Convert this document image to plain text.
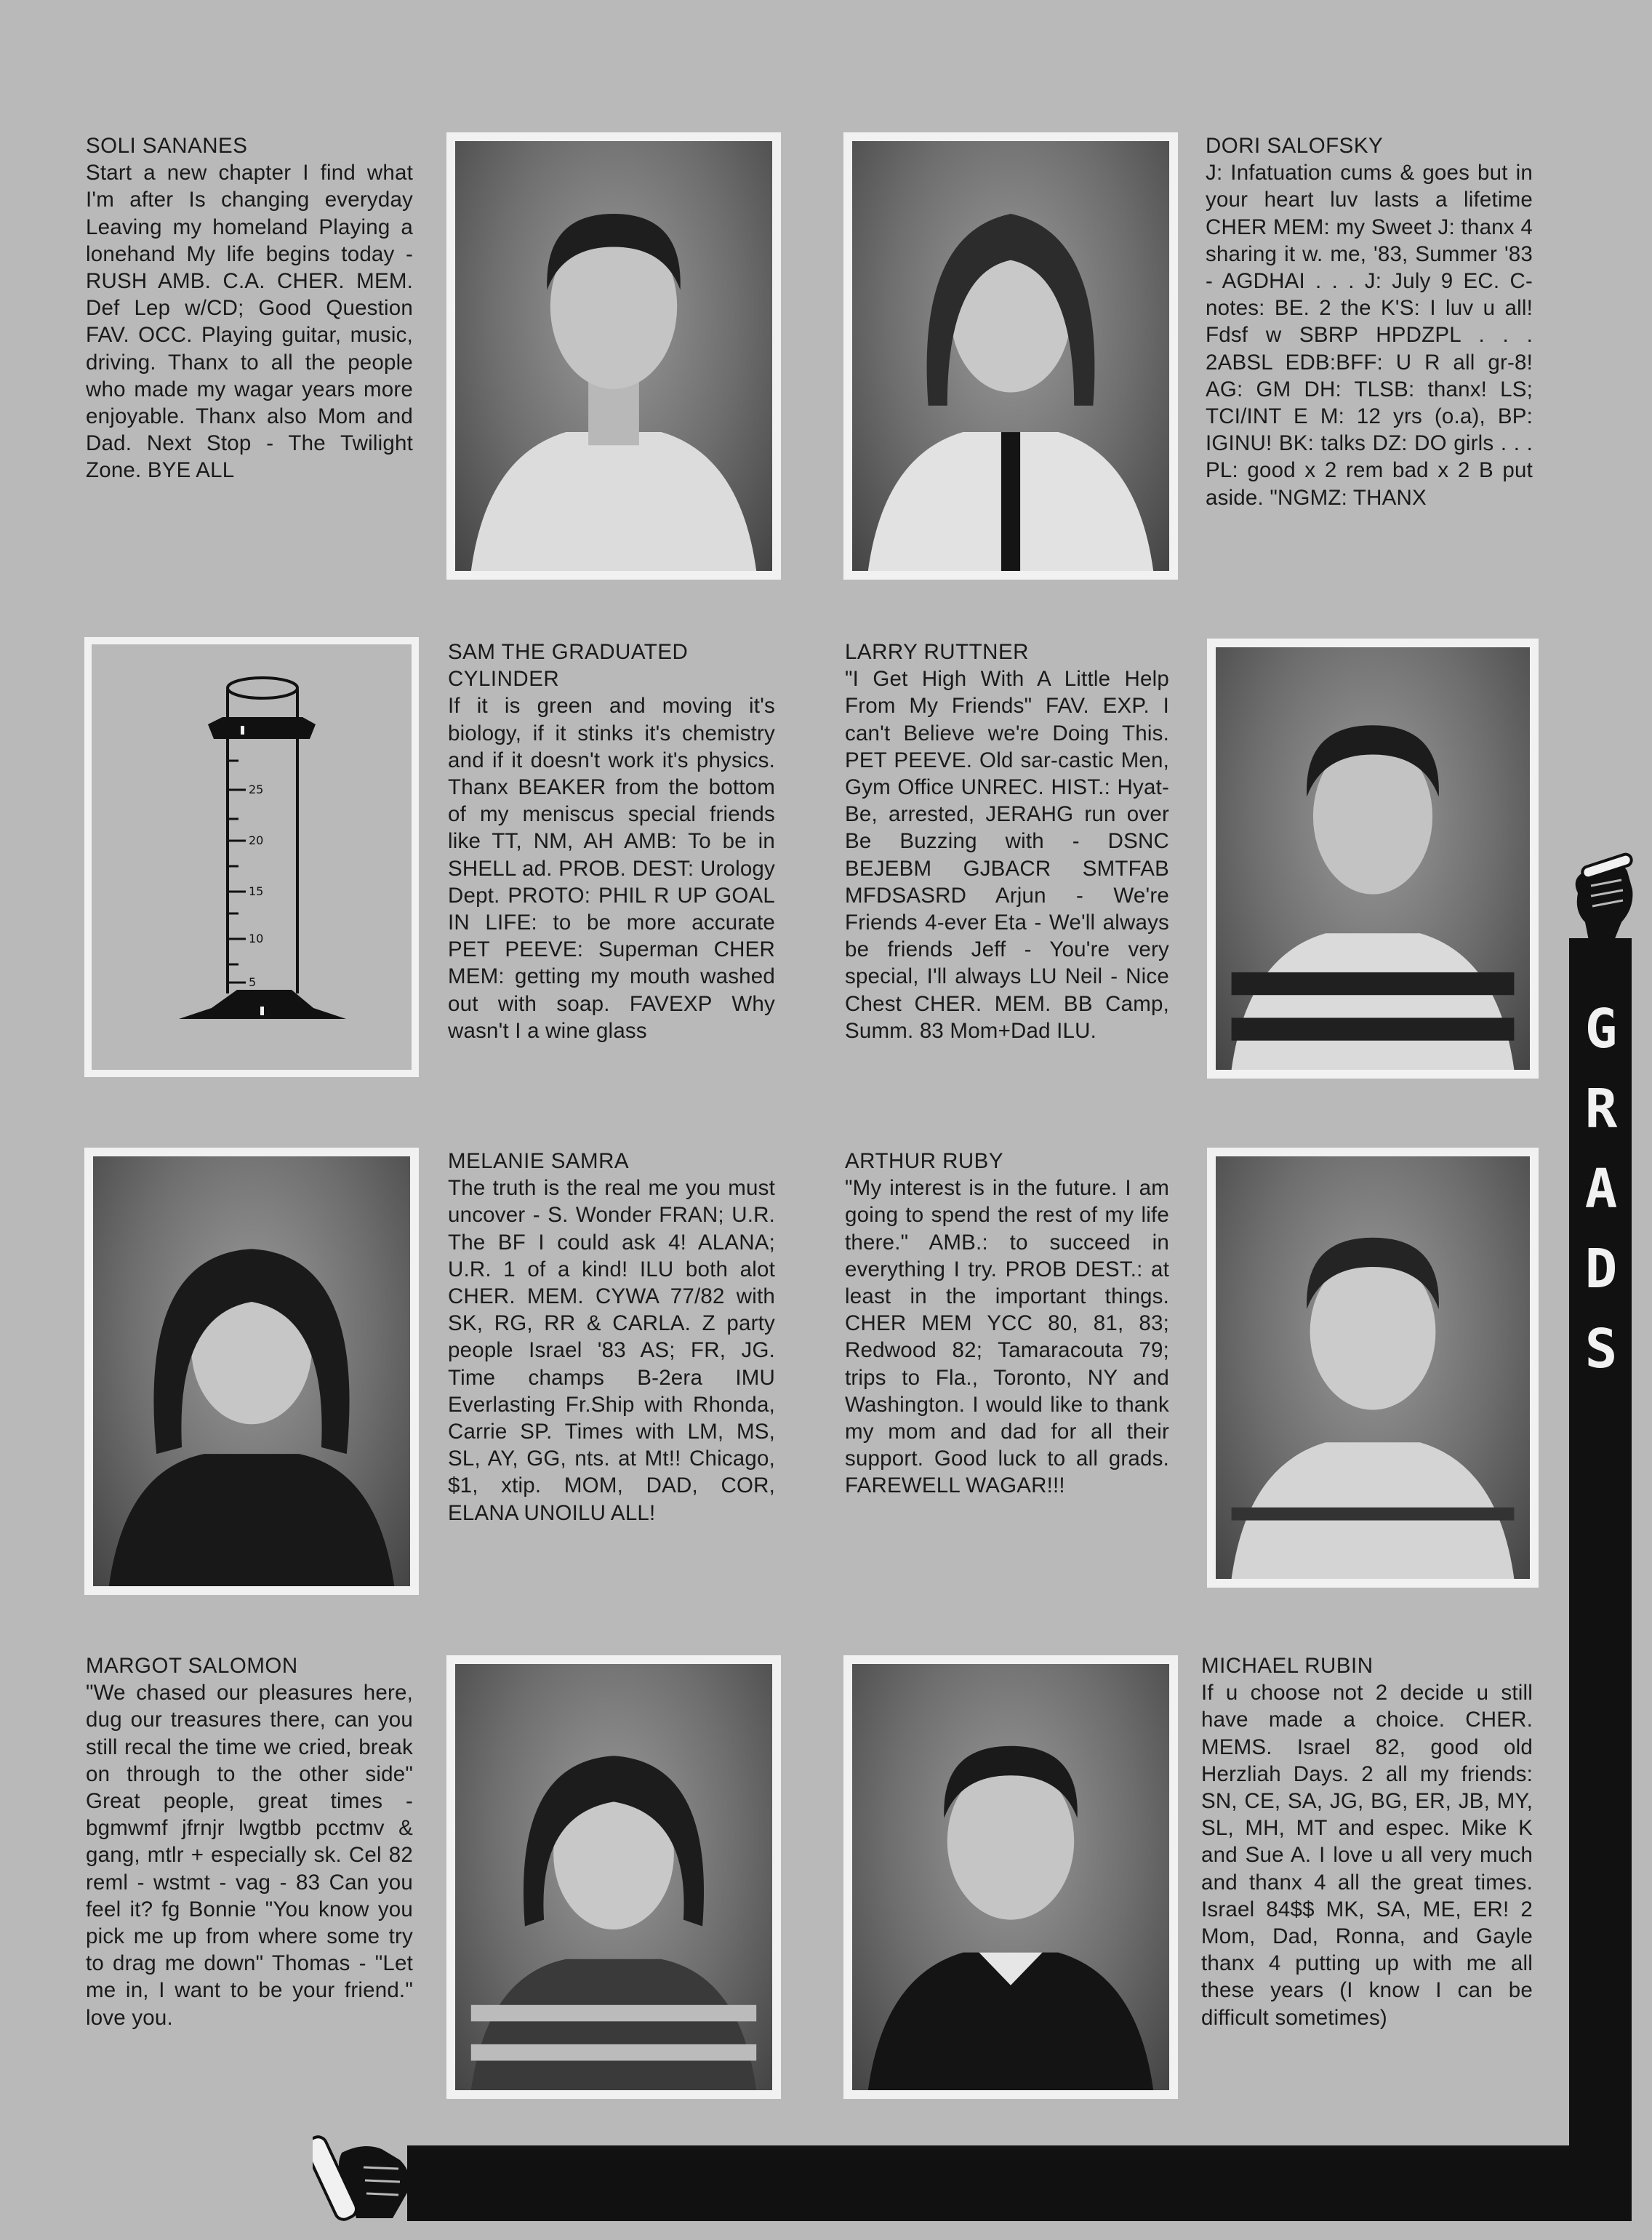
SOLI SANANES
Start a new chapter I find what I'm after Is changing everyday Leaving my homeland Playing a lonehand My life begins today - RUSH AMB. C.A. CHER. MEM. Def Lep w/CD; Good Question FAV. OCC. Playing guitar, music, driving. Thanx to all the people who made my wagar years more enjoyable. Thanx also Mom and Dad. Next Stop - The Twilight Zone. BYE ALL
DORI SALOFSKY
J: Infatuation cums & goes but in your heart luv lasts a lifetime CHER MEM: my Sweet J: thanx 4 sharing it w. me, '83, Summer '83 - AGDHAI . . . J: July 9 EC. C-notes: BE. 2 the K'S: I luv u all! Fdsf w SBRP HPDZPL . . . 2ABSL EDB:BFF: U R all gr-8! AG: GM DH: TLSB: thanx! LS; TCI/INT E M: 12 yrs (o.a), BP: IGINU! BK: talks DZ: DO girls . . . PL: good x 2 rem bad x 2 B put aside. "NGMZ: THANX
SAM THE GRADUATED CYLINDER
If it is green and moving it's biology, if it stinks it's chemistry and if it doesn't work it's physics. Thanx BEAKER from the bottom of my meniscus special friends like TT, NM, AH AMB: To be in SHELL ad. PROB. DEST: Urology Dept. PROTO: PHIL R UP GOAL IN LIFE: to be more accurate PET PEEVE: Superman CHER MEM: getting my mouth washed out with soap. FAVEXP Why wasn't I a wine glass
LARRY RUTTNER
"I Get High With A Little Help From My Friends" FAV. EXP. I can't Believe we're Doing This. PET PEEVE. Old sar-castic Men, Gym Office UNREC. HIST.: Hyat-Be, arrested, JERAHG run over Be Buzzing with - DSNC BEJEBM GJBACR SMTFAB MFDSASRD Arjun - We're Friends 4-ever Eta - We'll always be friends Jeff - You're very special, I'll always LU Neil - Nice Chest CHER. MEM. BB Camp, Summ. 83 Mom+Dad ILU.
MELANIE SAMRA
The truth is the real me you must uncover - S. Wonder FRAN; U.R. The BF I could ask 4! ALANA; U.R. 1 of a kind! ILU both alot CHER. MEM. CYWA 77/82 with SK, RG, RR & CARLA. Z party people Israel '83 AS; FR, JG. Time champs B-2era IMU Everlasting Fr.Ship with Rhonda, Carrie SP. Times with LM, MS, SL, AY, GG, nts. at Mt!! Chicago, $1, xtip. MOM, DAD, COR, ELANA UNOILU ALL!
ARTHUR RUBY
"My interest is in the future. I am going to spend the rest of my life there." AMB.: to succeed in everything I try. PROB DEST.: at least in the important things. CHER MEM YCC 80, 81, 83; Redwood 82; Tamaracouta 79; trips to Fla., Toronto, NY and Washington. I would like to thank my mom and dad for all their support. Good luck to all grads. FAREWELL WAGAR!!!
MARGOT SALOMON
"We chased our pleasures here, dug our treasures there, can you still recal the time we cried, break on through to the other side" Great people, great times - bgmwmf jfrnjr lwgtbb pcctmv & gang, mtlr + especially sk. Cel 82 reml - wstmt - vag - 83 Can you feel it? fg Bonnie "You know you pick me up from where some try to drag me down" Thomas - "Let me in, I want to be your friend." love you.
MICHAEL RUBIN
If u choose not 2 decide u still have made a choice. CHER. MEMS. Israel 82, good old Herzliah Days. 2 all my friends: SN, CE, SA, JG, BG, ER, JB, MY, SL, MH, MT and espec. Mike K and Sue A. I love u all very much and thanx 4 all the great times. Israel 84$$ MK, SA, ME, ER! 2 Mom, Dad, Ronna, and Gayle thanx 4 putting up with me all these years (I know I can be difficult sometimes)
25
20
15
10
5
G
R
A
D
S
